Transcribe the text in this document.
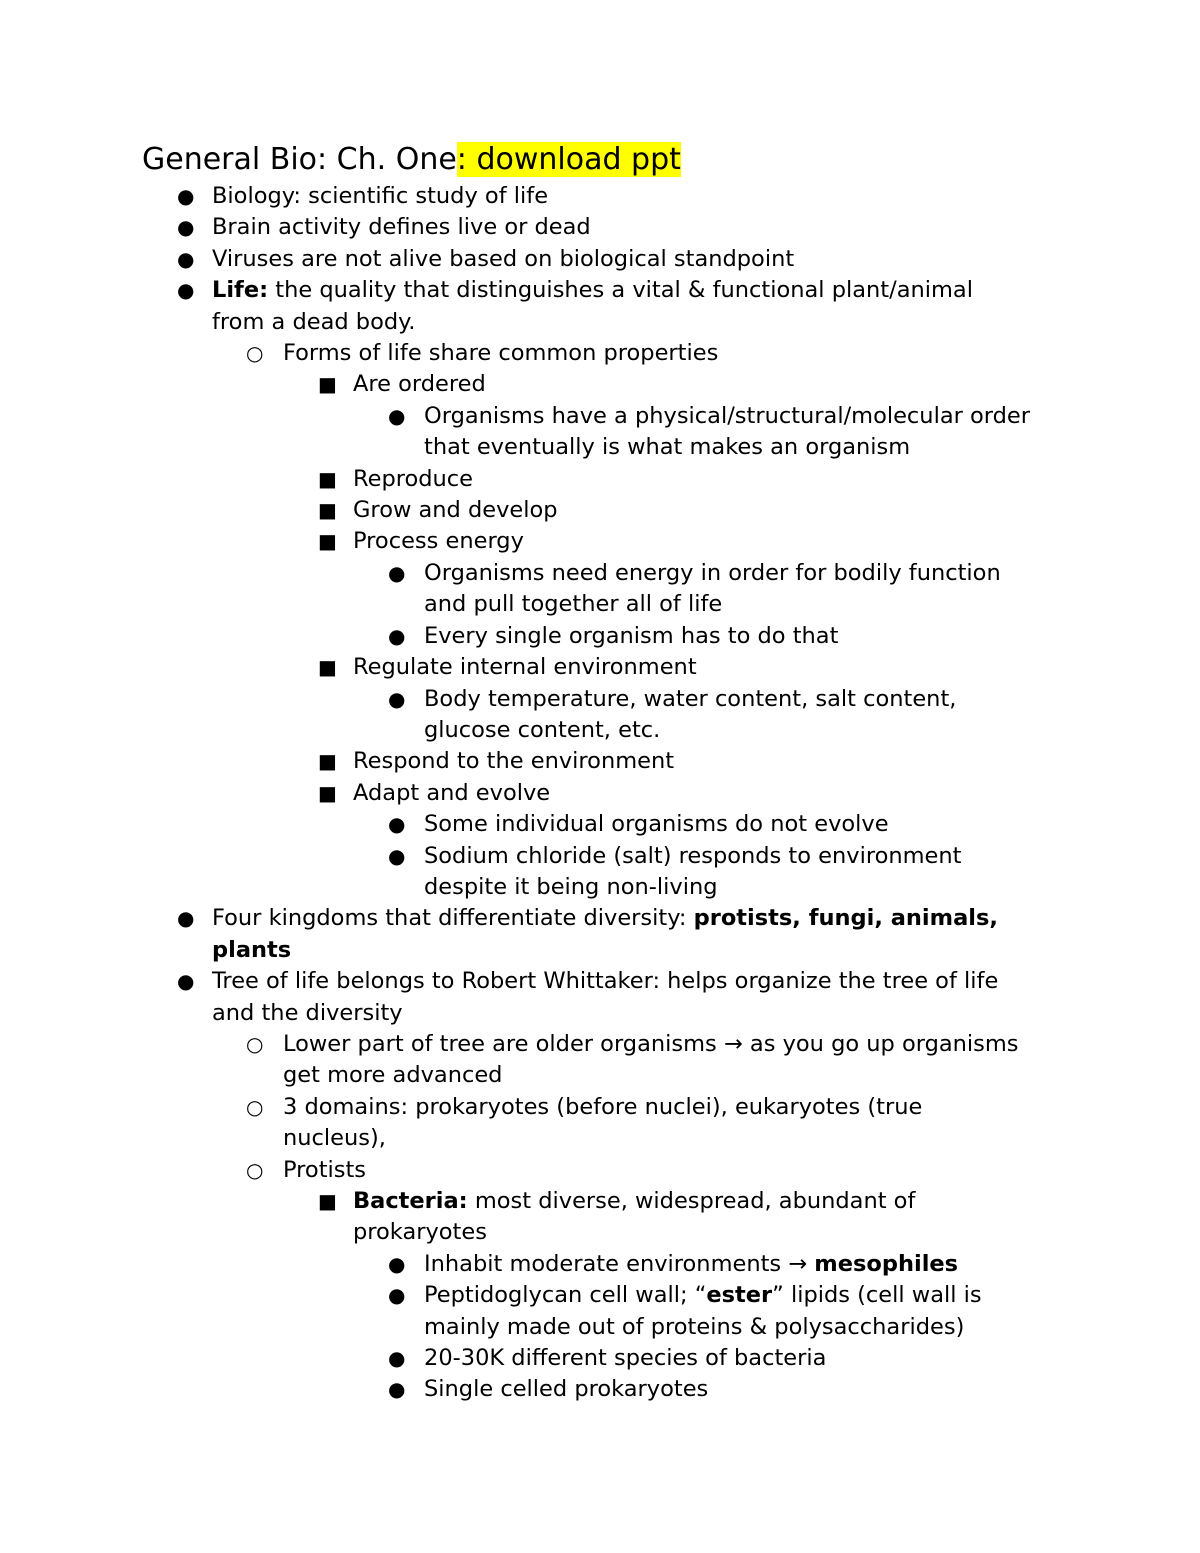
General Bio: Ch. One: download ppt
● Biology: scientific study of life
● Brain activity defines live or dead
● Viruses are not alive based on biological standpoint
● Life: the quality that distinguishes a vital & functional plant/animal
from a dead body.
○ Forms of life share common properties
■ Are ordered
● Organisms have a physical/structural/molecular order
that eventually is what makes an organism
■ Reproduce
■ Grow and develop
■ Process energy
● Organisms need energy in order for bodily function
and pull together all of life
● Every single organism has to do that
■ Regulate internal environment
● Body temperature, water content, salt content,
glucose content, etc.
■ Respond to the environment
■ Adapt and evolve
● Some individual organisms do not evolve
● Sodium chloride (salt) responds to environment
despite it being non-living
● Four kingdoms that differentiate diversity: protists, fungi, animals,
plants
● Tree of life belongs to Robert Whittaker: helps organize the tree of life
and the diversity
○ Lower part of tree are older organisms → as you go up organisms
get more advanced
○ 3 domains: prokaryotes (before nuclei), eukaryotes (true
nucleus),
○ Protists
■ Bacteria: most diverse, widespread, abundant of
prokaryotes
● Inhabit moderate environments → mesophiles
● Peptidoglycan cell wall; “ester” lipids (cell wall is
mainly made out of proteins & polysaccharides)
● 20-30K different species of bacteria
● Single celled prokaryotes
